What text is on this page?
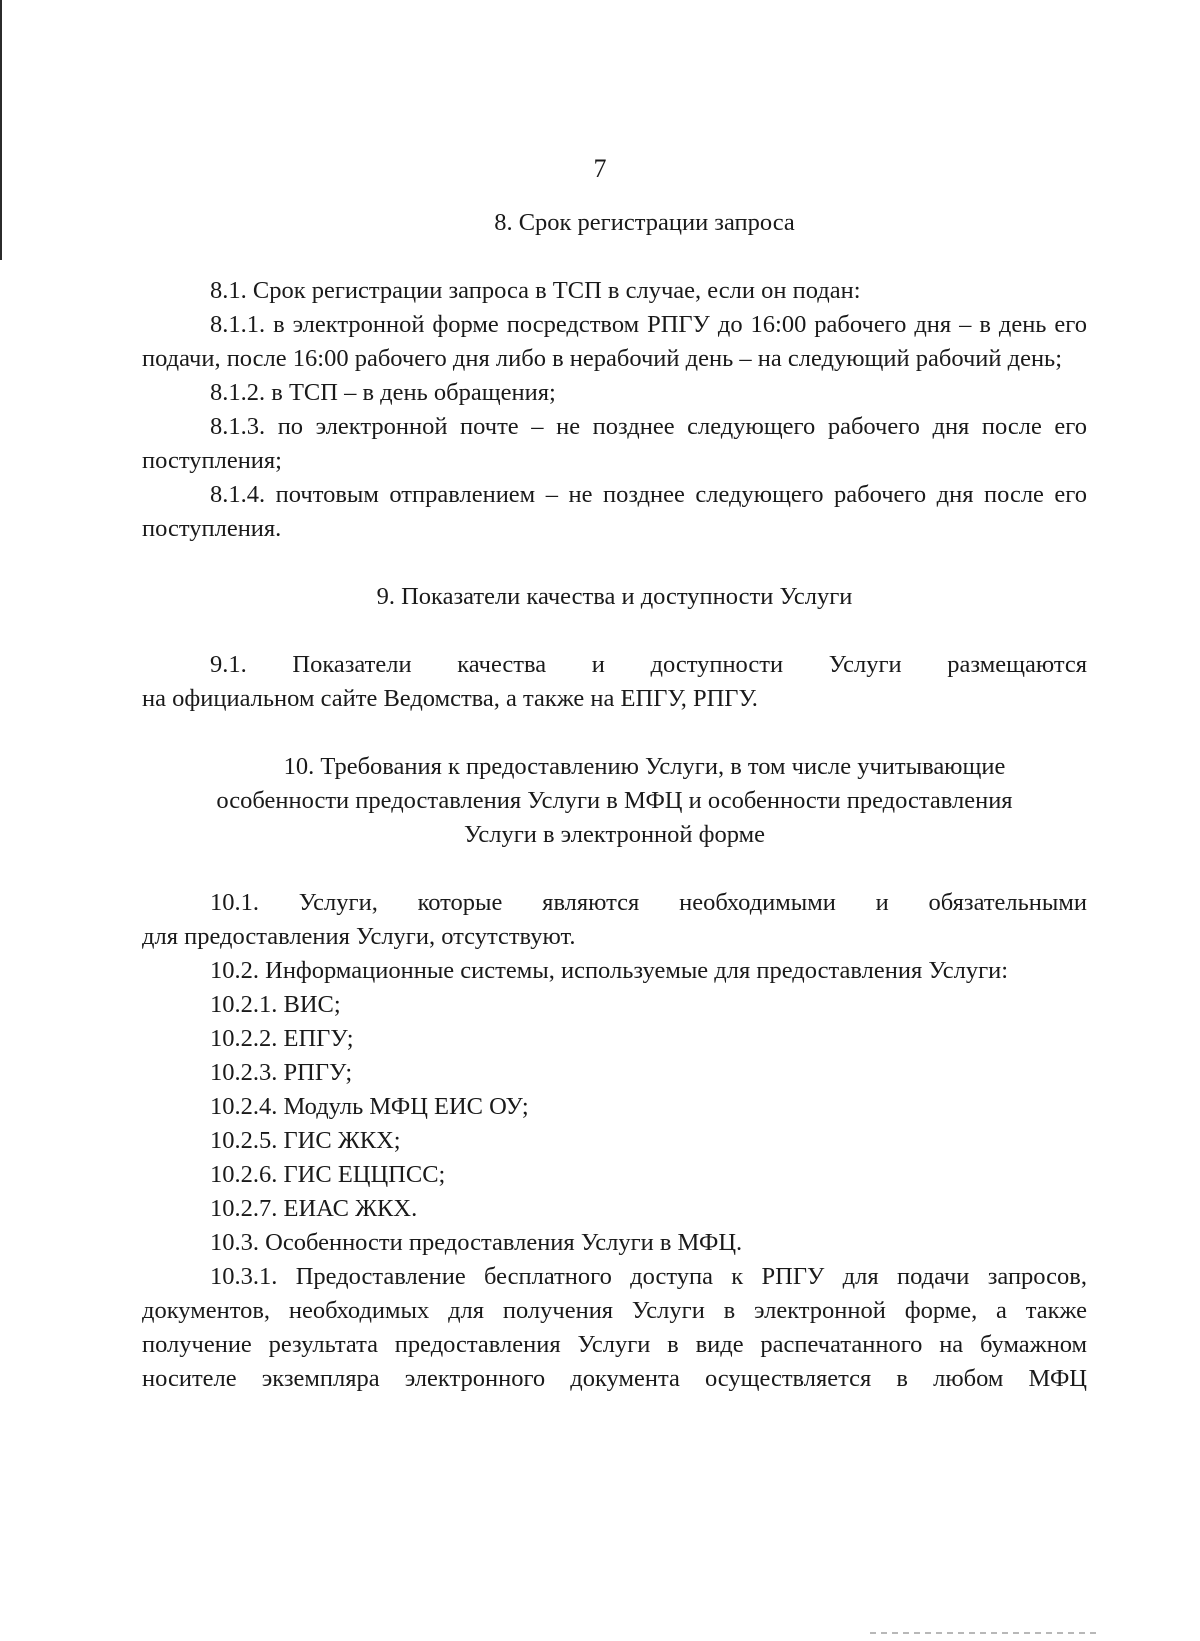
7

8. Срок регистрации запроса

8.1. Срок регистрации запроса в ТСП в случае, если он подан:

8.1.1. в электронной форме посредством РПГУ до 16:00 рабочего дня – в день его подачи, после 16:00 рабочего дня либо в нерабочий день – на следующий рабочий день;

8.1.2. в ТСП – в день обращения;

8.1.3. по электронной почте – не позднее следующего рабочего дня после его поступления;

8.1.4. почтовым отправлением – не позднее следующего рабочего дня после его поступления.

9. Показатели качества и доступности Услуги

9.1. Показатели качества и доступности Услуги размещаются

на официальном сайте Ведомства, а также на ЕПГУ, РПГУ.

10. Требования к предоставлению Услуги, в том числе учитывающие

особенности предоставления Услуги в МФЦ и особенности предоставления

Услуги в электронной форме

10.1. Услуги, которые являются необходимыми и обязательными

для предоставления Услуги, отсутствуют.

10.2. Информационные системы, используемые для предоставления Услуги:

10.2.1. ВИС;

10.2.2. ЕПГУ;

10.2.3. РПГУ;

10.2.4. Модуль МФЦ ЕИС ОУ;

10.2.5. ГИС ЖКХ;

10.2.6. ГИС ЕЦЦПСС;

10.2.7. ЕИАС ЖКХ.

10.3. Особенности предоставления Услуги в МФЦ.

10.3.1. Предоставление бесплатного доступа к РПГУ для подачи запросов, документов, необходимых для получения Услуги в электронной форме, а также получение результата предоставления Услуги в виде распечатанного на бумажном носителе экземпляра электронного документа осуществляется в любом МФЦ
